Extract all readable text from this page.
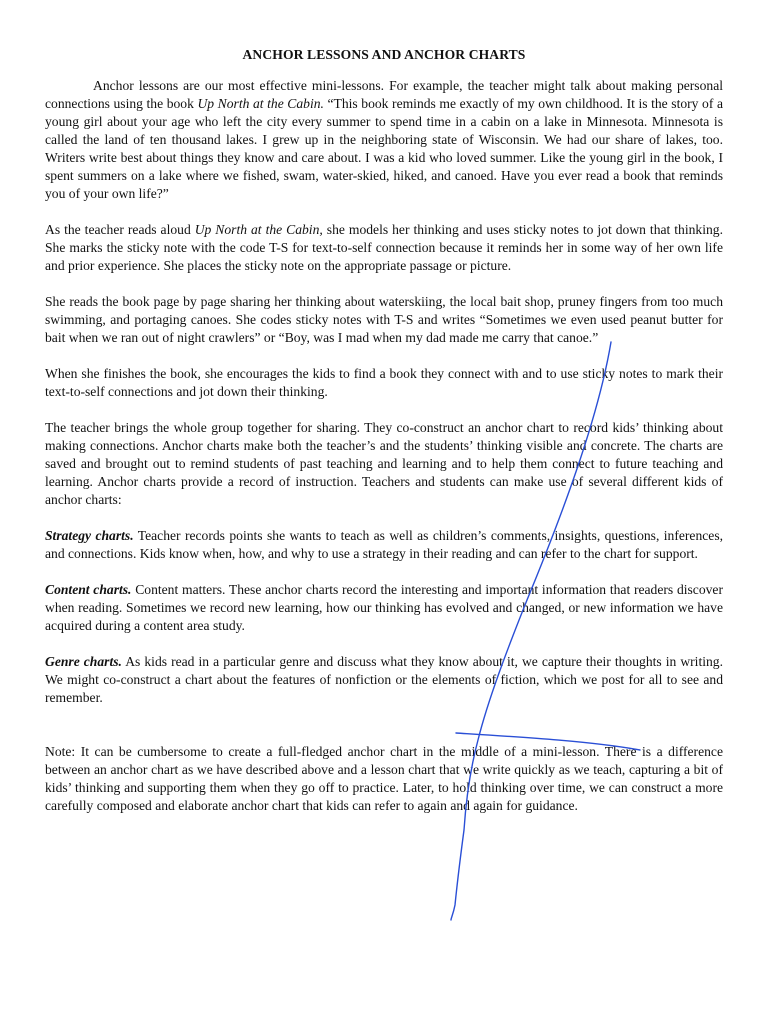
ANCHOR LESSONS AND ANCHOR CHARTS

Anchor lessons are our most effective mini-lessons. For example, the teacher might talk about making personal connections using the book Up North at the Cabin. “This book reminds me exactly of my own childhood. It is the story of a young girl about your age who left the city every summer to spend time in a cabin on a lake in Minnesota. Minnesota is called the land of ten thousand lakes. I grew up in the neighboring state of Wisconsin. We had our share of lakes, too. Writers write best about things they know and care about. I was a kid who loved summer. Like the young girl in the book, I spent summers on a lake where we fished, swam, water-skied, hiked, and canoed. Have you ever read a book that reminds you of your own life?”

As the teacher reads aloud Up North at the Cabin, she models her thinking and uses sticky notes to jot down that thinking. She marks the sticky note with the code T-S for text-to-self connection because it reminds her in some way of her own life and prior experience. She places the sticky note on the appropriate passage or picture.

She reads the book page by page sharing her thinking about waterskiing, the local bait shop, pruney fingers from too much swimming, and portaging canoes. She codes sticky notes with T-S and writes “Sometimes we even used peanut butter for bait when we ran out of night crawlers” or “Boy, was I mad when my dad made me carry that canoe.”

When she finishes the book, she encourages the kids to find a book they connect with and to use sticky notes to mark their text-to-self connections and jot down their thinking.

The teacher brings the whole group together for sharing. They co-construct an anchor chart to record kids’ thinking about making connections. Anchor charts make both the teacher’s and the students’ thinking visible and concrete. The charts are saved and brought out to remind students of past teaching and learning and to help them connect to future teaching and learning. Anchor charts provide a record of instruction. Teachers and students can make use of several different kids of anchor charts:

Strategy charts. Teacher records points she wants to teach as well as children’s comments, insights, questions, inferences, and connections. Kids know when, how, and why to use a strategy in their reading and can refer to the chart for support.

Content charts. Content matters. These anchor charts record the interesting and important information that readers discover when reading. Sometimes we record new learning, how our thinking has evolved and changed, or new information we have acquired during a content area study.

Genre charts. As kids read in a particular genre and discuss what they know about it, we capture their thoughts in writing. We might co-construct a chart about the features of nonfiction or the elements of fiction, which we post for all to see and remember.

Note: It can be cumbersome to create a full-fledged anchor chart in the middle of a mini-lesson. There is a difference between an anchor chart as we have described above and a lesson chart that we write quickly as we teach, capturing a bit of kids’ thinking and supporting them when they go off to practice. Later, to hold thinking over time, we can construct a more carefully composed and elaborate anchor chart that kids can refer to again and again for guidance.
